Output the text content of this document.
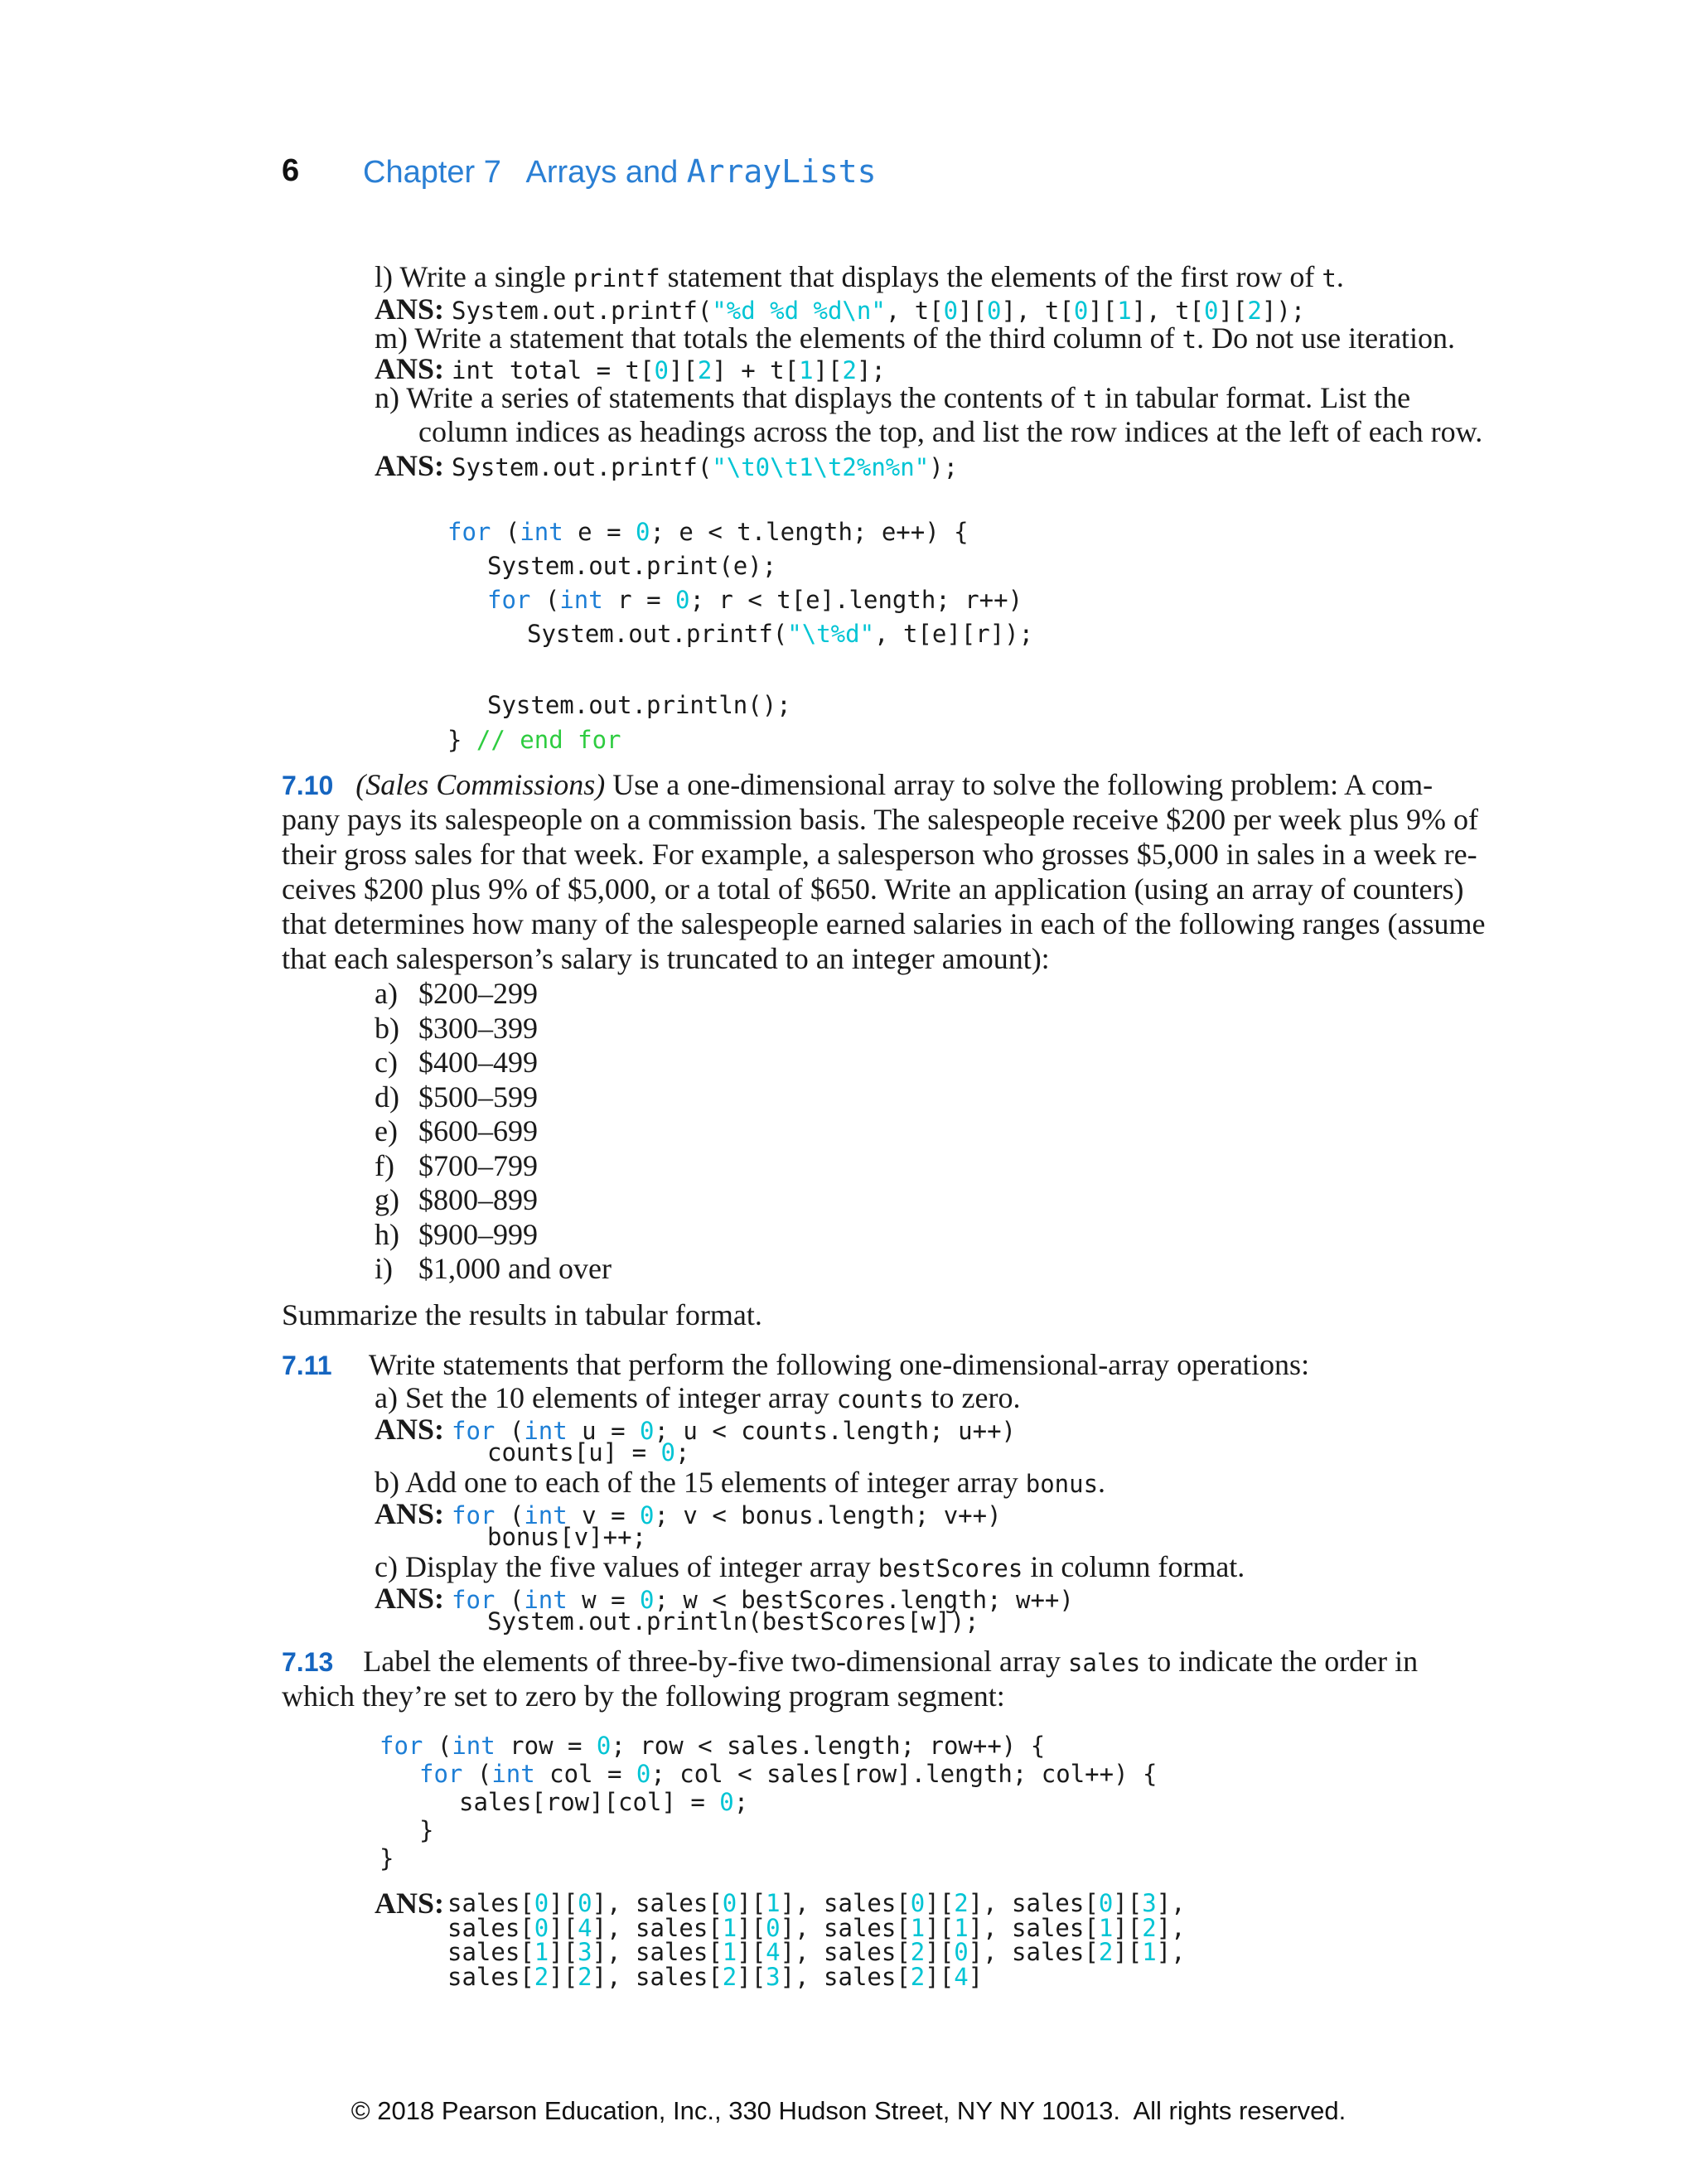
6 Chapter 7 Arrays and ArrayLists
l) Write a single printf statement that displays the elements of the first row of t.
ANS: System.out.printf("%d %d %d\n", t[0][0], t[0][1], t[0][2]);
m) Write a statement that totals the elements of the third column of t. Do not use iteration.
ANS: int total = t[0][2] + t[1][2];
n) Write a series of statements that displays the contents of t in tabular format. List the
column indices as headings across the top, and list the row indices at the left of each row.
ANS: System.out.printf("\t0\t1\t2%n%n");
for (int e = 0; e < t.length; e++) {
System.out.print(e);
for (int r = 0; r < t[e].length; r++)
System.out.printf("\t%d", t[e][r]);
System.out.println();
} // end for
7.10 (Sales Commissions) Use a one-dimensional array to solve the following problem: A com-
pany pays its salespeople on a commission basis. The salespeople receive $200 per week plus 9% of
their gross sales for that week. For example, a salesperson who grosses $5,000 in sales in a week re-
ceives $200 plus 9% of $5,000, or a total of $650. Write an application (using an array of counters)
that determines how many of the salespeople earned salaries in each of the following ranges (assume
that each salesperson’s salary is truncated to an integer amount):
a) $200–299
b) $300–399
c) $400–499
d) $500–599
e) $600–699
f) $700–799
g) $800–899
h) $900–999
i) $1,000 and over
Summarize the results in tabular format.
7.11 Write statements that perform the following one-dimensional-array operations:
a) Set the 10 elements of integer array counts to zero.
ANS: for (int u = 0; u < counts.length; u++)
counts[u] = 0;
b) Add one to each of the 15 elements of integer array bonus.
ANS: for (int v = 0; v < bonus.length; v++)
bonus[v]++;
c) Display the five values of integer array bestScores in column format.
ANS: for (int w = 0; w < bestScores.length; w++)
System.out.println(bestScores[w]);
7.13 Label the elements of three-by-five two-dimensional array sales to indicate the order in
which they’re set to zero by the following program segment:
for (int row = 0; row < sales.length; row++) {
for (int col = 0; col < sales[row].length; col++) {
sales[row][col] = 0;
}
}
ANS: sales[0][0], sales[0][1], sales[0][2], sales[0][3],
sales[0][4], sales[1][0], sales[1][1], sales[1][2],
sales[1][3], sales[1][4], sales[2][0], sales[2][1],
sales[2][2], sales[2][3], sales[2][4]
© 2018 Pearson Education, Inc., 330 Hudson Street, NY NY 10013.  All rights reserved.
